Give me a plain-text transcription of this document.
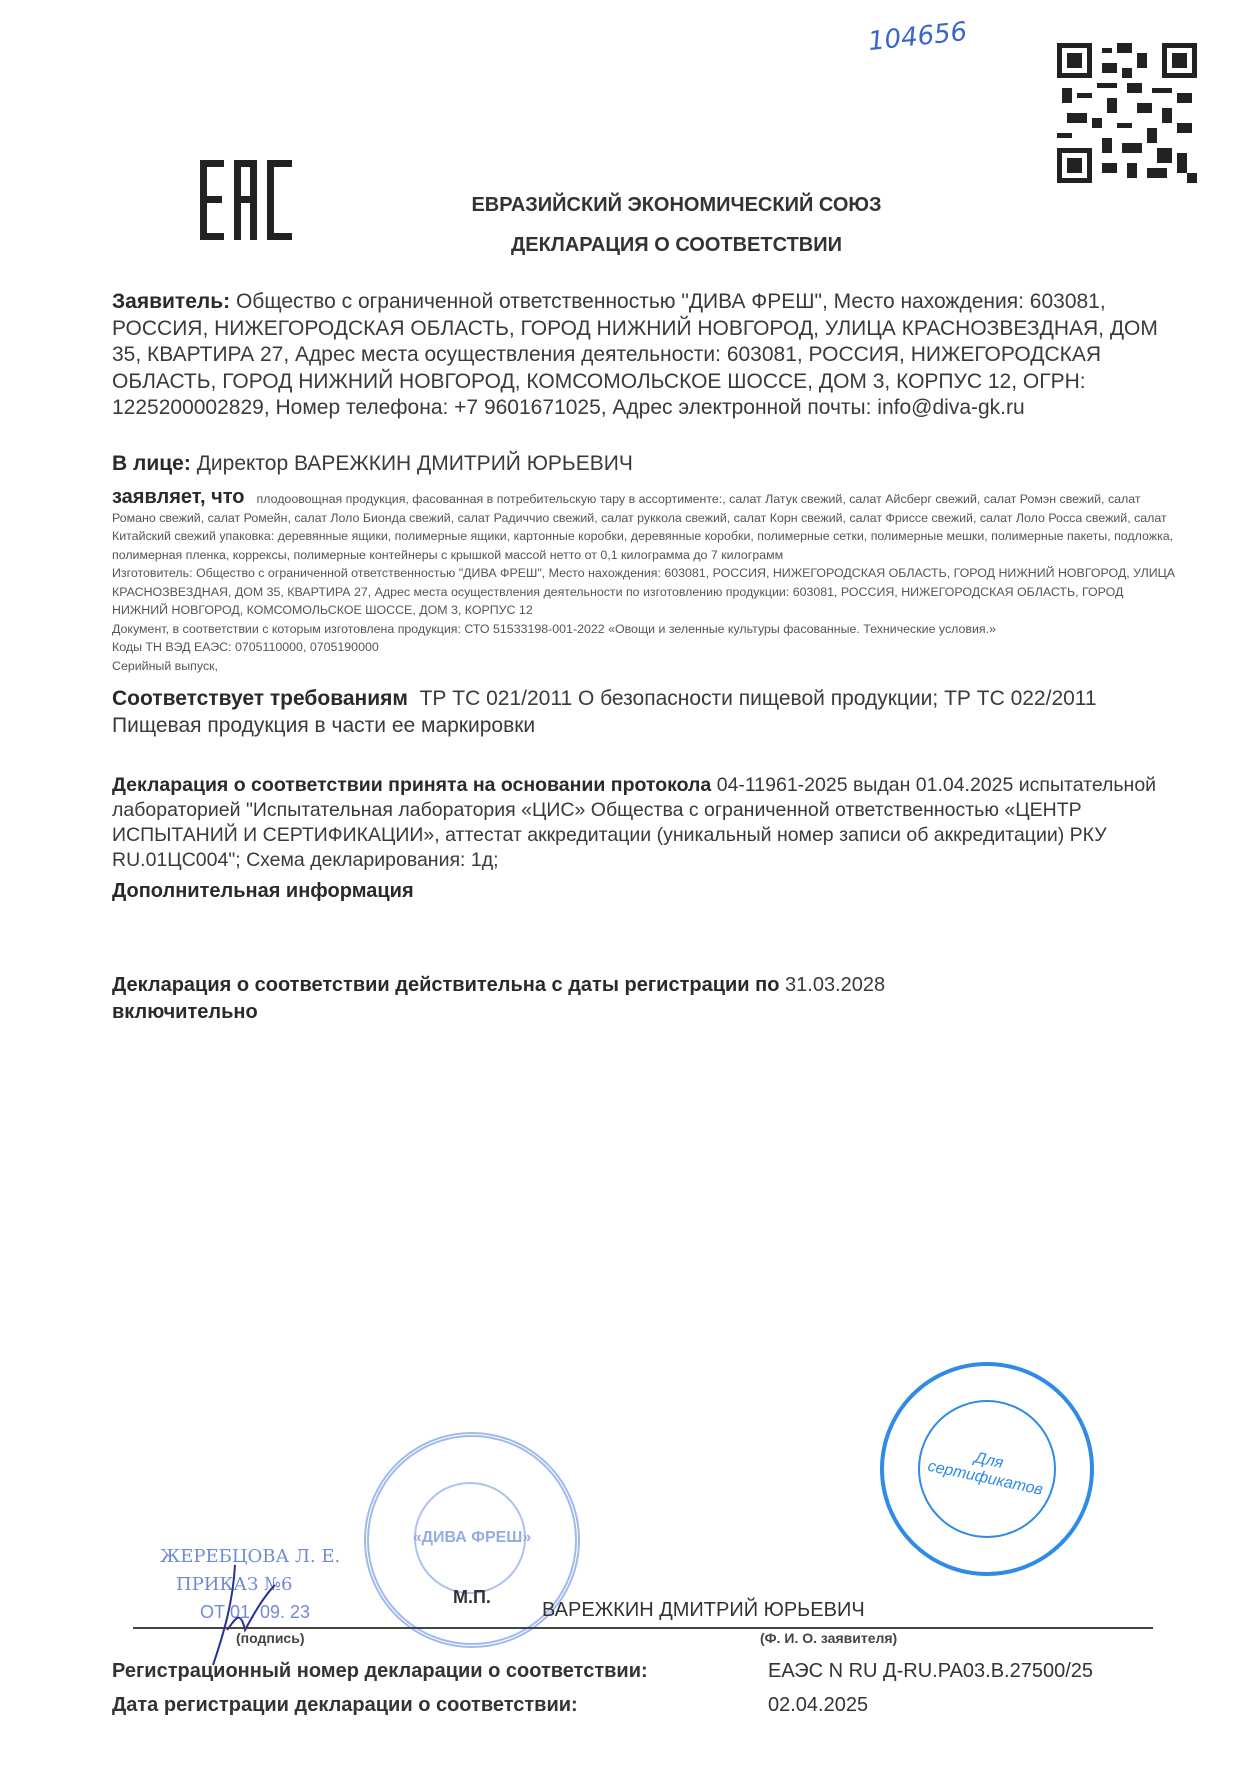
104656
ЕВРАЗИЙСКИЙ ЭКОНОМИЧЕСКИЙ СОЮЗ
ДЕКЛАРАЦИЯ О СООТВЕТСТВИИ
Заявитель: Общество с ограниченной ответственностью "ДИВА ФРЕШ", Место нахождения: 603081, РОССИЯ, НИЖЕГОРОДСКАЯ ОБЛАСТЬ, ГОРОД НИЖНИЙ НОВГОРОД, УЛИЦА КРАСНОЗВЕЗДНАЯ, ДОМ 35, КВАРТИРА 27, Адрес места осуществления деятельности: 603081, РОССИЯ, НИЖЕГОРОДСКАЯ ОБЛАСТЬ, ГОРОД НИЖНИЙ НОВГОРОД, КОМСОМОЛЬСКОЕ ШОССЕ, ДОМ 3, КОРПУС 12, ОГРН: 1225200002829, Номер телефона: +7 9601671025, Адрес электронной почты: info@diva-gk.ru
В лице: Директор ВАРЕЖКИН ДМИТРИЙ ЮРЬЕВИЧ
заявляет, что плодоовощная продукция, фасованная в потребительскую тару в ассортименте:, салат Латук свежий, салат Айсберг свежий, салат Ромэн свежий, салат Романо свежий, салат Ромейн, салат Лоло Бионда свежий, салат Радиччио свежий, салат руккола свежий, салат Корн свежий, салат Фриссе свежий, салат Лоло Росса свежий, салат Китайский свежий упаковка: деревянные ящики, полимерные ящики, картонные коробки, деревянные коробки, полимерные сетки, полимерные мешки, полимерные пакеты, подложка, полимерная пленка, коррексы, полимерные контейнеры с крышкой массой нетто от 0,1 килограмма до 7 килограмм
Изготовитель: Общество с ограниченной ответственностью "ДИВА ФРЕШ", Место нахождения: 603081, РОССИЯ, НИЖЕГОРОДСКАЯ ОБЛАСТЬ, ГОРОД НИЖНИЙ НОВГОРОД, УЛИЦА КРАСНОЗВЕЗДНАЯ, ДОМ 35, КВАРТИРА 27, Адрес места осуществления деятельности по изготовлению продукции: 603081, РОССИЯ, НИЖЕГОРОДСКАЯ ОБЛАСТЬ, ГОРОД НИЖНИЙ НОВГОРОД, КОМСОМОЛЬСКОЕ ШОССЕ, ДОМ 3, КОРПУС 12
Документ, в соответствии с которым изготовлена продукция: СТО 51533198-001-2022 «Овощи и зеленные культуры фасованные. Технические условия.»
Коды ТН ВЭД ЕАЭС: 0705110000, 0705190000
Серийный выпуск,
Соответствует требованиям ТР ТС 021/2011 О безопасности пищевой продукции; ТР ТС 022/2011 Пищевая продукция в части ее маркировки
Декларация о соответствии принята на основании протокола 04-11961-2025 выдан 01.04.2025 испытательной лабораторией "Испытательная лаборатория «ЦИС» Общества с ограниченной ответственностью «ЦЕНТР ИСПЫТАНИЙ И СЕРТИФИКАЦИИ», аттестат аккредитации (уникальный номер записи об аккредитации) РКУ RU.01ЦС004"; Схема декларирования: 1д;
Дополнительная информация
Декларация о соответствии действительна с даты регистрации по 31.03.2028
включительно
«ДИВА ФРЕШ»
Для сертификатов
ЖЕРЕБЦОВА Л. Е.
ПРИКАЗ №6
ОТ 01. 09. 23
М.П.
ВАРЕЖКИН ДМИТРИЙ ЮРЬЕВИЧ
(подпись)	(Ф. И. О. заявителя)
Регистрационный номер декларации о соответствии:	ЕАЭС N RU Д-RU.PA03.B.27500/25
Дата регистрации декларации о соответствии:	02.04.2025
